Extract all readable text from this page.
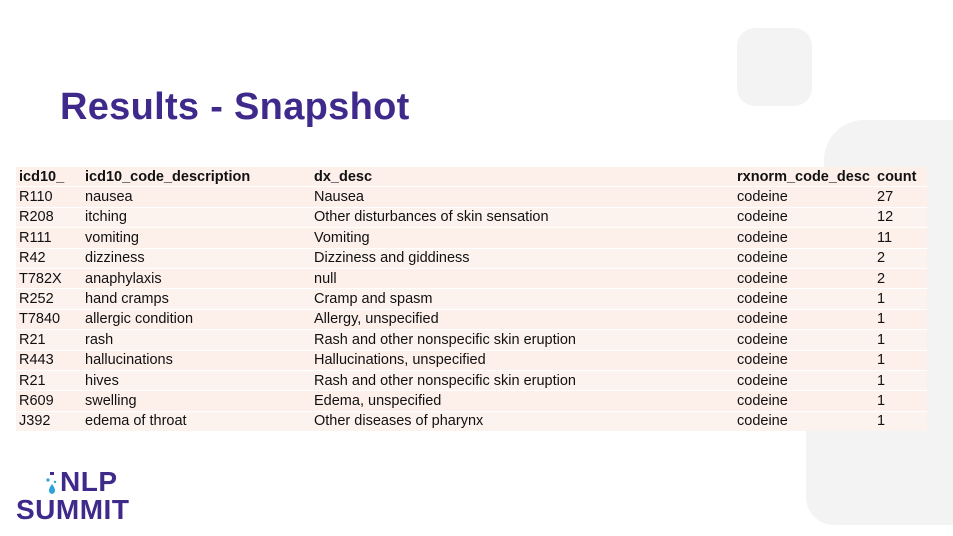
Results - Snapshot
icd10_	icd10_code_description	dx_desc	rxnorm_code_desc	count
R110	nausea	Nausea	codeine	27
R208	itching	Other disturbances of skin sensation	codeine	12
R111	vomiting	Vomiting	codeine	11
R42	dizziness	Dizziness and giddiness	codeine	2
T782X	anaphylaxis	null	codeine	2
R252	hand cramps	Cramp and spasm	codeine	1
T7840	allergic condition	Allergy, unspecified	codeine	1
R21	rash	Rash and other nonspecific skin eruption	codeine	1
R443	hallucinations	Hallucinations, unspecified	codeine	1
R21	hives	Rash and other nonspecific skin eruption	codeine	1
R609	swelling	Edema, unspecified	codeine	1
J392	edema of throat	Other diseases of pharynx	codeine	1
NLP
SUMMIT
